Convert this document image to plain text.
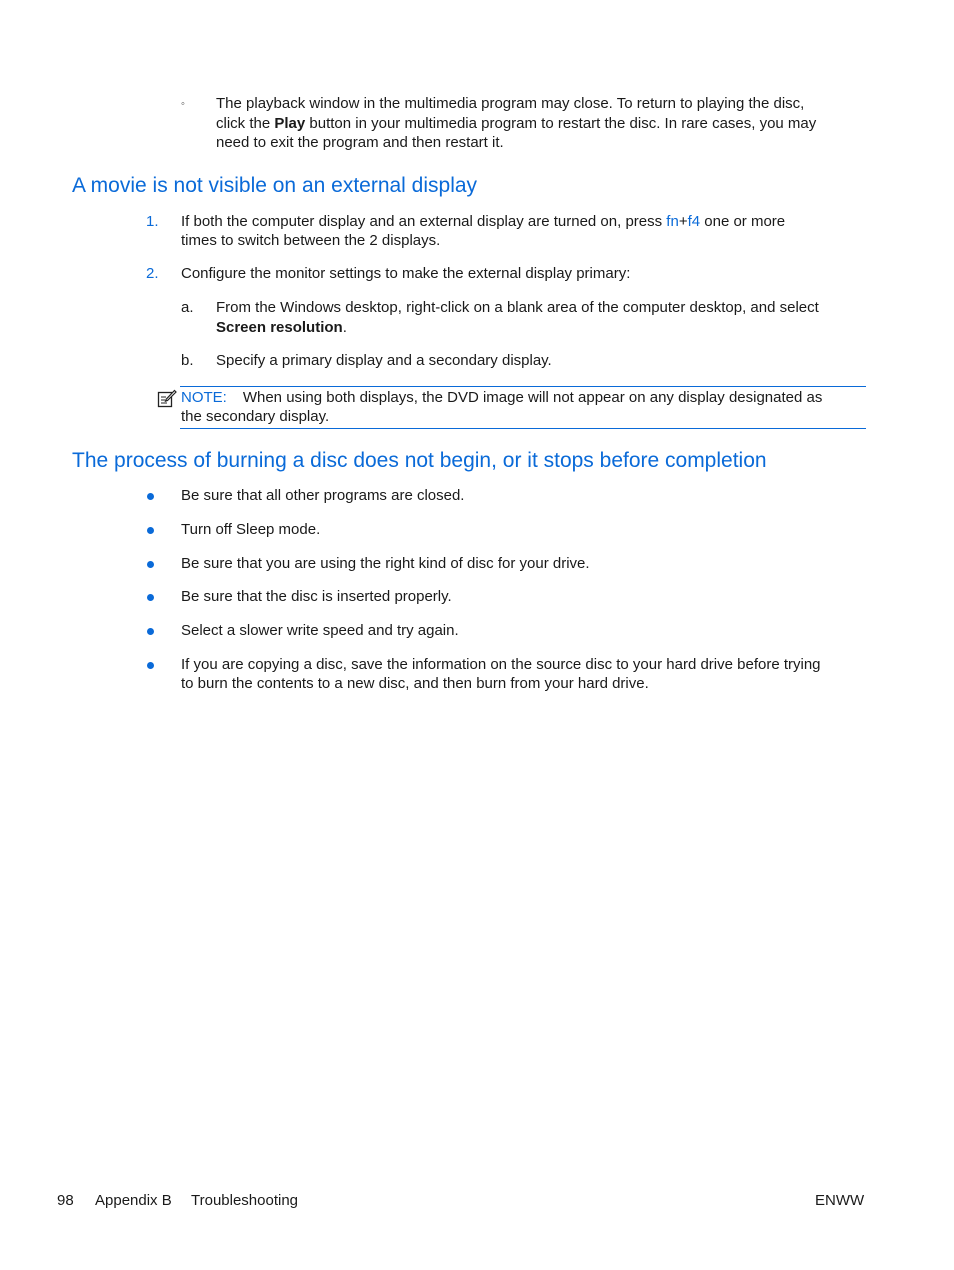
◦ The playback window in the multimedia program may close. To return to playing the disc,
click the Play button in your multimedia program to restart the disc. In rare cases, you may
need to exit the program and then restart it.
A movie is not visible on an external display
1. If both the computer display and an external display are turned on, press fn+f4 one or more
times to switch between the 2 displays.
2. Configure the monitor settings to make the external display primary:
a. From the Windows desktop, right-click on a blank area of the computer desktop, and select
Screen resolution.
b. Specify a primary display and a secondary display.
NOTE: When using both displays, the DVD image will not appear on any display designated as
the secondary display.
The process of burning a disc does not begin, or it stops before completion
Be sure that all other programs are closed.
Turn off Sleep mode.
Be sure that you are using the right kind of disc for your drive.
Be sure that the disc is inserted properly.
Select a slower write speed and try again.
If you are copying a disc, save the information on the source disc to your hard drive before trying
to burn the contents to a new disc, and then burn from your hard drive.
98 Appendix B Troubleshooting	ENWW
